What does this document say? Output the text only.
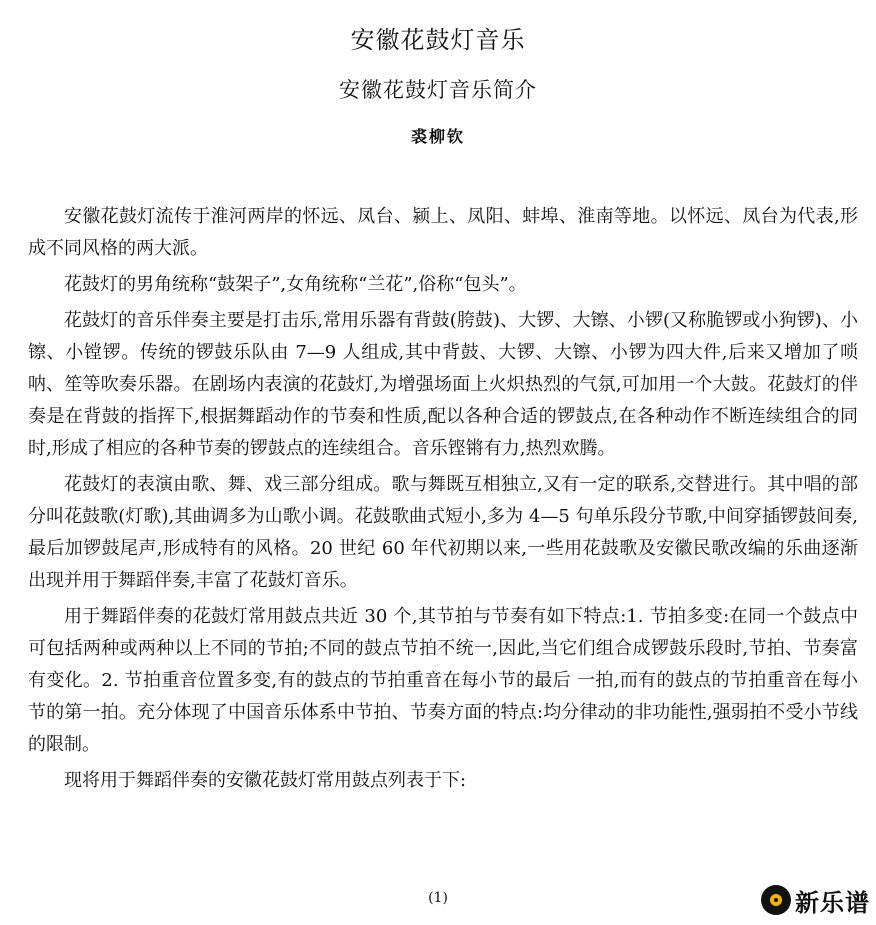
安徽花鼓灯音乐
安徽花鼓灯音乐简介
裘柳钦

安徽花鼓灯流传于淮河两岸的怀远、凤台、颍上、凤阳、蚌埠、淮南等地。以怀远、凤台为代表,形成不同风格的两大派。

花鼓灯的男角统称“鼓架子”,女角统称“兰花”,俗称“包头”。

花鼓灯的音乐伴奏主要是打击乐,常用乐器有背鼓(胯鼓)、大锣、大镲、小锣(又称脆锣或小狗锣)、小镲、小镗锣。传统的锣鼓乐队由 7—9 人组成,其中背鼓、大锣、大镲、小锣为四大件,后来又增加了唢呐、笙等吹奏乐器。在剧场内表演的花鼓灯,为增强场面上火炽热烈的气氛,可加用一个大鼓。花鼓灯的伴奏是在背鼓的指挥下,根据舞蹈动作的节奏和性质,配以各种合适的锣鼓点,在各种动作不断连续组合的同时,形成了相应的各种节奏的锣鼓点的连续组合。音乐铿锵有力,热烈欢腾。

花鼓灯的表演由歌、舞、戏三部分组成。歌与舞既互相独立,又有一定的联系,交替进行。其中唱的部分叫花鼓歌(灯歌),其曲调多为山歌小调。花鼓歌曲式短小,多为 4—5 句单乐段分节歌,中间穿插锣鼓间奏,最后加锣鼓尾声,形成特有的风格。20 世纪 60 年代初期以来,一些用花鼓歌及安徽民歌改编的乐曲逐渐出现并用于舞蹈伴奏,丰富了花鼓灯音乐。

用于舞蹈伴奏的花鼓灯常用鼓点共近 30 个,其节拍与节奏有如下特点:1. 节拍多变:在同一个鼓点中可包括两种或两种以上不同的节拍;不同的鼓点节拍不统一,因此,当它们组合成锣鼓乐段时,节拍、节奏富有变化。2. 节拍重音位置多变,有的鼓点的节拍重音在每小节的最后 一拍,而有的鼓点的节拍重音在每小节的第一拍。充分体现了中国音乐体系中节拍、节奏方面的特点:均分律动的非功能性,强弱拍不受小节线的限制。

现将用于舞蹈伴奏的安徽花鼓灯常用鼓点列表于下:

(1)	新乐谱
